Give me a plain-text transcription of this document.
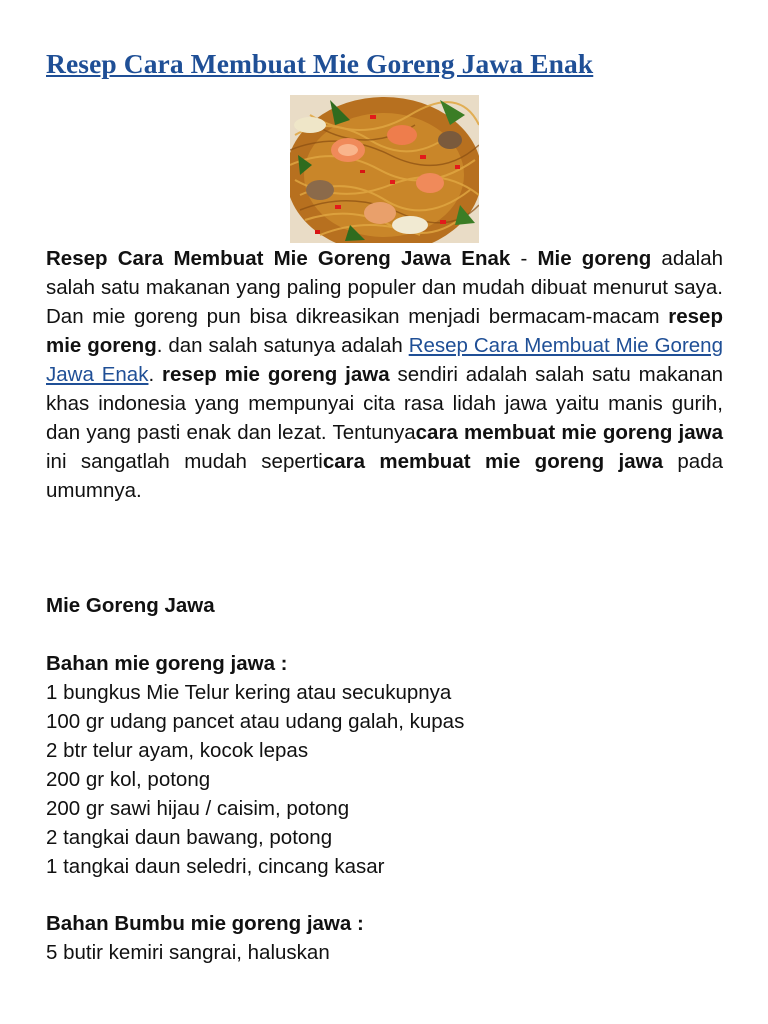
Resep Cara Membuat Mie Goreng Jawa Enak

Resep Cara Membuat Mie Goreng Jawa Enak - Mie goreng adalah salah satu makanan yang paling populer dan mudah dibuat menurut saya. Dan mie goreng pun bisa dikreasikan menjadi bermacam-macam resep mie goreng. dan salah satunya adalah Resep Cara Membuat Mie Goreng Jawa Enak. resep mie goreng jawa sendiri adalah salah satu makanan khas indonesia yang mempunyai cita rasa lidah jawa yaitu manis gurih, dan yang pasti enak dan lezat. Tentunyacara membuat mie goreng jawa ini sangatlah mudah seperticara membuat mie goreng jawa pada umumnya.

Mie Goreng Jawa
Bahan mie goreng jawa :
1 bungkus Mie Telur kering atau secukupnya
100 gr udang pancet atau udang galah, kupas
2 btr telur ayam, kocok lepas
200 gr kol, potong
200 gr sawi hijau / caisim, potong
2 tangkai daun bawang, potong
1 tangkai daun seledri, cincang kasar
Bahan Bumbu mie goreng jawa :
5 butir kemiri sangrai, haluskan
